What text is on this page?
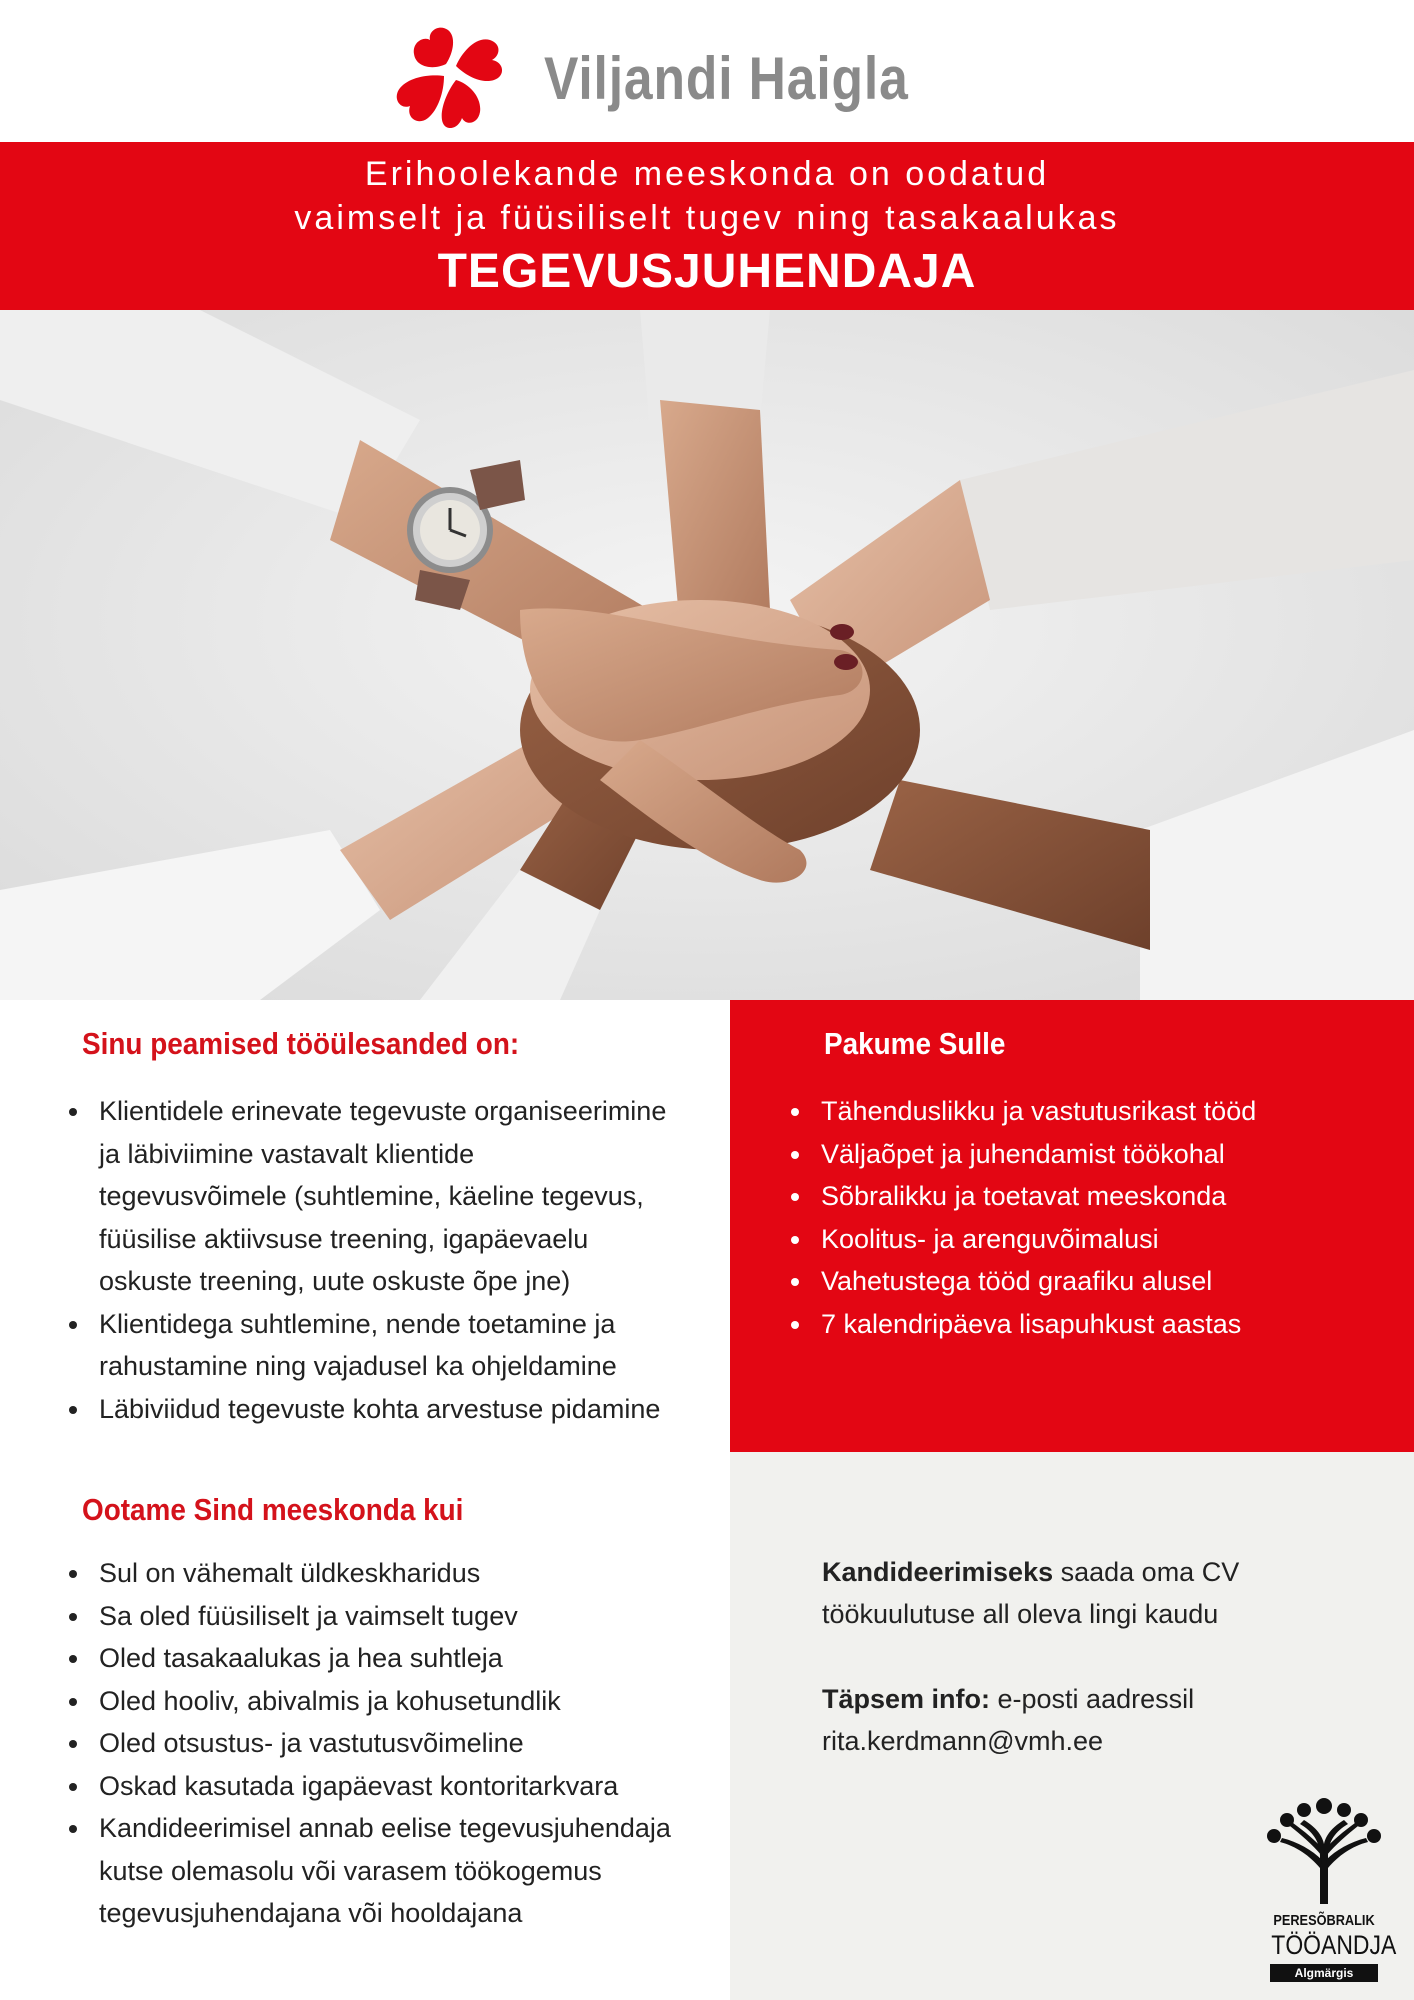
Viljandi Haigla
Erihoolekande meeskonda on oodatud
vaimselt ja füüsiliselt tugev ning tasakaalukas
TEGEVUSJUHENDAJA
Sinu peamised tööülesanded on:
Klientidele erinevate tegevuste organiseerimine
ja läbiviimine vastavalt klientide
tegevusvõimele (suhtlemine, käeline tegevus,
füüsilise aktiivsuse treening, igapäevaelu
oskuste treening, uute oskuste õpe jne)
Klientidega suhtlemine, nende toetamine ja
rahustamine ning vajadusel ka ohjeldamine
Läbiviidud tegevuste kohta arvestuse pidamine
Ootame Sind meeskonda kui
Sul on vähemalt üldkeskharidus
Sa oled füüsiliselt ja vaimselt tugev
Oled tasakaalukas ja hea suhtleja
Oled hooliv, abivalmis ja kohusetundlik
Oled otsustus- ja vastutusvõimeline
Oskad kasutada igapäevast kontoritarkvara
Kandideerimisel annab eelise tegevusjuhendaja
kutse olemasolu või varasem töökogemus
tegevusjuhendajana või hooldajana
Pakume Sulle
Tähenduslikku ja vastutusrikast tööd
Väljaõpet ja juhendamist töökohal
Sõbralikku ja toetavat meeskonda
Koolitus- ja arenguvõimalusi
Vahetustega tööd graafiku alusel
7 kalendripäeva lisapuhkust aastas
Kandideerimiseks saada oma CV
töökuulutuse all oleva lingi kaudu
Täpsem info: e-posti aadressil
rita.kerdmann@vmh.ee
PERESÕBRALIK
TÖÖANDJA
Algmärgis
